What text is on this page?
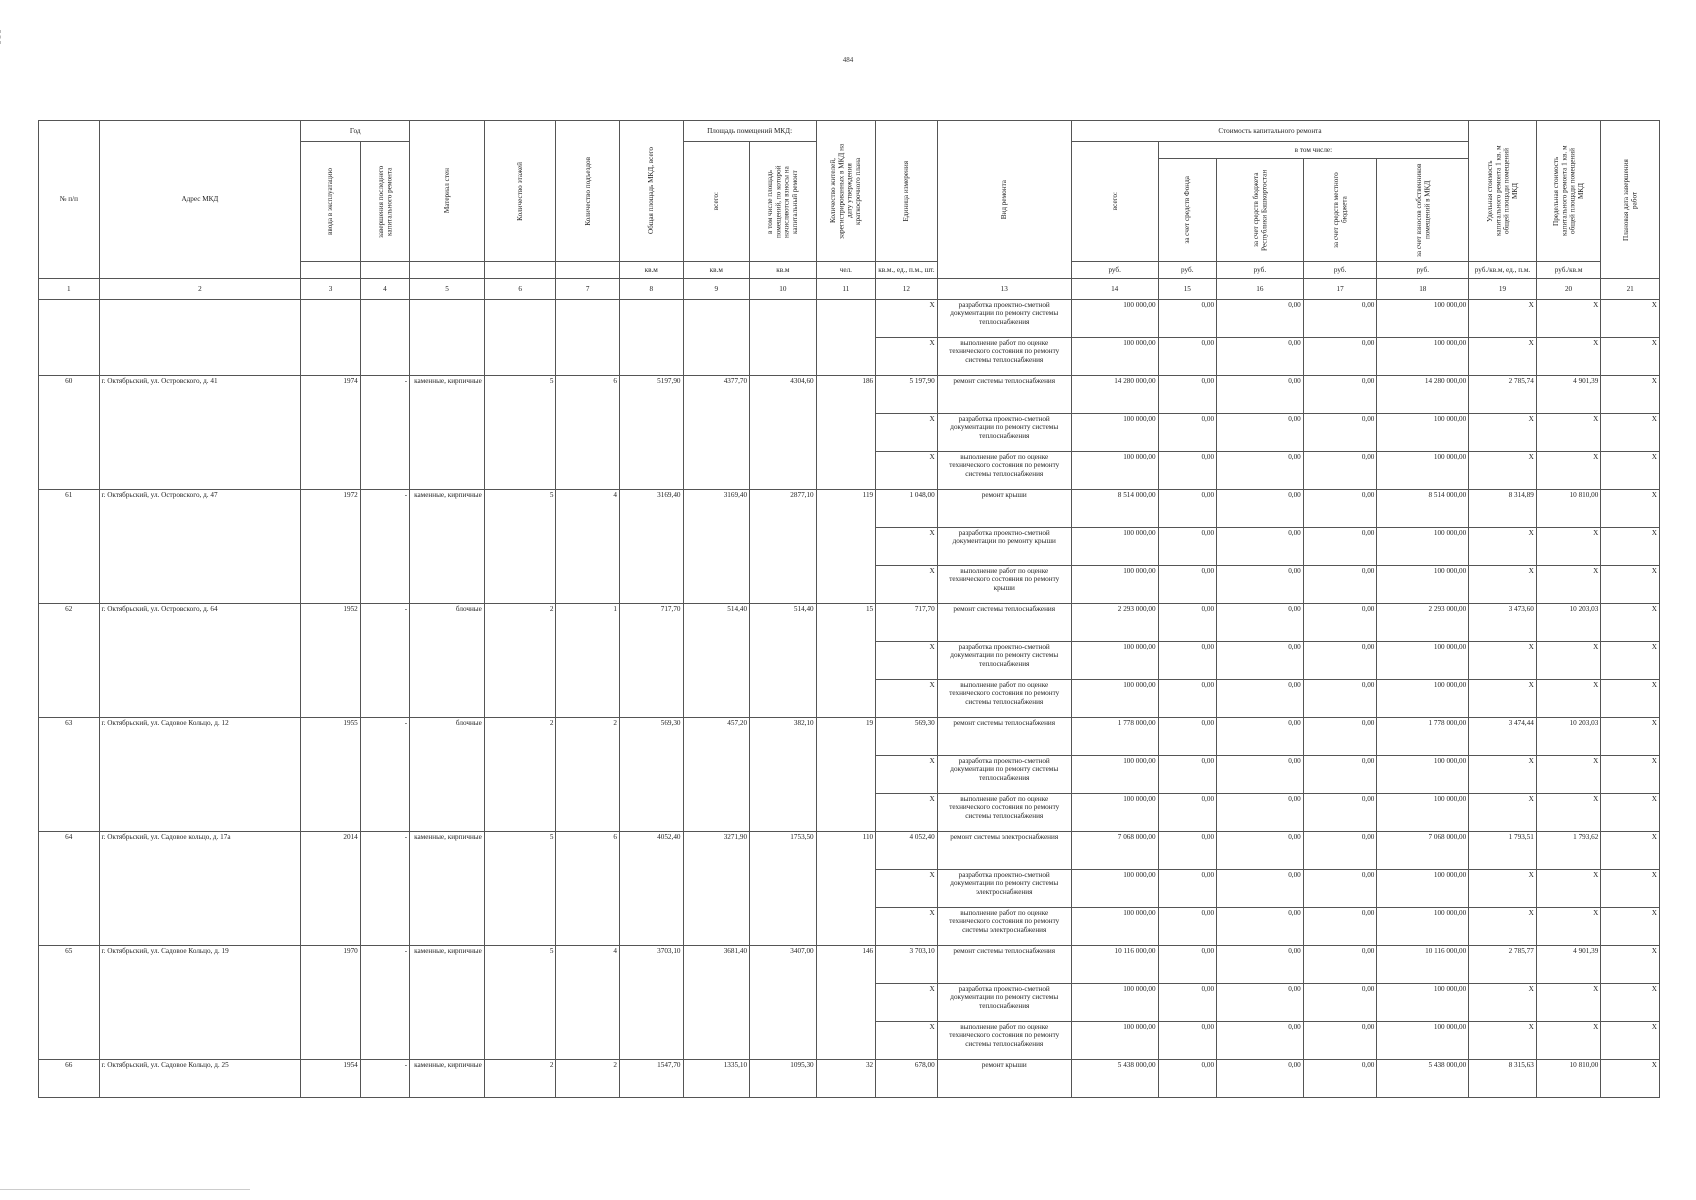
484
№ п/п	Адрес МКД	Год		Материал стен	Количество этажей	Количество подъездов	Общая площадь МКД, всего	Площадь помещений МКД:		Количество жителей, зарегистрированных в МКД на дату утверждения краткосрочного плана	Единица измерения	Вид ремонта	Стоимость капитального ремонта					Удельная стоимость капитального ремонта 1 кв. м общей площади помещений МКД	Предельная стоимость капитального ремонта 1 кв. м общей площади помещений МКД	Плановая дата завершения работ

		ввода в эксплуатацию	завершения последнего капитального ремонта					всего:	в том числе площадь помещений, по которой начисляются взносы на капитальный ремонт				всего:	в том числе:						

														за счет средств Фонда	за счет средств бюджета Республики Башкортостан	за счет средств местного бюджета	за счет взносов собственников помещений в МКД			

							кв.м	кв.м	кв.м	чел.	кв.м., ед., п.м., шт.		руб.	руб.	руб.	руб.	руб.	руб./кв.м, ед., п.м.	руб./кв.м	
1	2	3	4	5	6	7	8	9	10	11	12	13	14	15	16	17	18	19	20	21
											X	разработка проектно-сметной документации по ремонту системы теплоснабжения	100 000,00	0,00	0,00	0,00	100 000,00	X	X	X
											X	выполнение работ по оценке технического состояния по ремонту системы теплоснабжения	100 000,00	0,00	0,00	0,00	100 000,00	X	X	X
60	г. Октябрьский, ул. Островского, д. 41	1974	-	каменные, кирпичные	5	6	5197,90	4377,70	4304,60	186	5 197,90	ремонт системы теплоснабжения	14 280 000,00	0,00	0,00	0,00	14 280 000,00	2 785,74	4 901,39	X
											X	разработка проектно-сметной документации по ремонту системы теплоснабжения	100 000,00	0,00	0,00	0,00	100 000,00	X	X	X
											X	выполнение работ по оценке технического состояния по ремонту системы теплоснабжения	100 000,00	0,00	0,00	0,00	100 000,00	X	X	X
61	г. Октябрьский, ул. Островского, д. 47	1972	-	каменные, кирпичные	5	4	3169,40	3169,40	2877,10	119	1 048,00	ремонт крыши	8 514 000,00	0,00	0,00	0,00	8 514 000,00	8 314,89	10 810,00	X
											X	разработка проектно-сметной документации по ремонту крыши	100 000,00	0,00	0,00	0,00	100 000,00	X	X	X
											X	выполнение работ по оценке технического состояния по ремонту крыши	100 000,00	0,00	0,00	0,00	100 000,00	X	X	X
62	г. Октябрьский, ул. Островского, д. 64	1952	-	блочные	2	1	717,70	514,40	514,40	15	717,70	ремонт системы теплоснабжения	2 293 000,00	0,00	0,00	0,00	2 293 000,00	3 473,60	10 203,03	X
											X	разработка проектно-сметной документации по ремонту системы теплоснабжения	100 000,00	0,00	0,00	0,00	100 000,00	X	X	X
											X	выполнение работ по оценке технического состояния по ремонту системы теплоснабжения	100 000,00	0,00	0,00	0,00	100 000,00	X	X	X
63	г. Октябрьский, ул. Садовое Кольцо, д. 12	1955	-	блочные	2	2	569,30	457,20	382,10	19	569,30	ремонт системы теплоснабжения	1 778 000,00	0,00	0,00	0,00	1 778 000,00	3 474,44	10 203,03	X
											X	разработка проектно-сметной документации по ремонту системы теплоснабжения	100 000,00	0,00	0,00	0,00	100 000,00	X	X	X
											X	выполнение работ по оценке технического состояния по ремонту системы теплоснабжения	100 000,00	0,00	0,00	0,00	100 000,00	X	X	X
64	г. Октябрьский, ул. Садовое кольцо, д. 17а	2014	-	каменные, кирпичные	5	6	4052,40	3271,90	1753,50	110	4 052,40	ремонт системы электроснабжения	7 068 000,00	0,00	0,00	0,00	7 068 000,00	1 793,51	1 793,62	X
											X	разработка проектно-сметной документации по ремонту системы электроснабжения	100 000,00	0,00	0,00	0,00	100 000,00	X	X	X
											X	выполнение работ по оценке технического состояния по ремонту системы электроснабжения	100 000,00	0,00	0,00	0,00	100 000,00	X	X	X
65	г. Октябрьский, ул. Садовое Кольцо, д. 19	1970	-	каменные, кирпичные	5	4	3703,10	3681,40	3407,00	146	3 703,10	ремонт системы теплоснабжения	10 116 000,00	0,00	0,00	0,00	10 116 000,00	2 785,77	4 901,39	X
											X	разработка проектно-сметной документации по ремонту системы теплоснабжения	100 000,00	0,00	0,00	0,00	100 000,00	X	X	X
											X	выполнение работ по оценке технического состояния по ремонту системы теплоснабжения	100 000,00	0,00	0,00	0,00	100 000,00	X	X	X
66	г. Октябрьский, ул. Садовое Кольцо, д. 25	1954	-	каменные, кирпичные	2	2	1547,70	1335,10	1095,30	32	678,00	ремонт крыши	5 438 000,00	0,00	0,00	0,00	5 438 000,00	8 315,63	10 810,00	X
